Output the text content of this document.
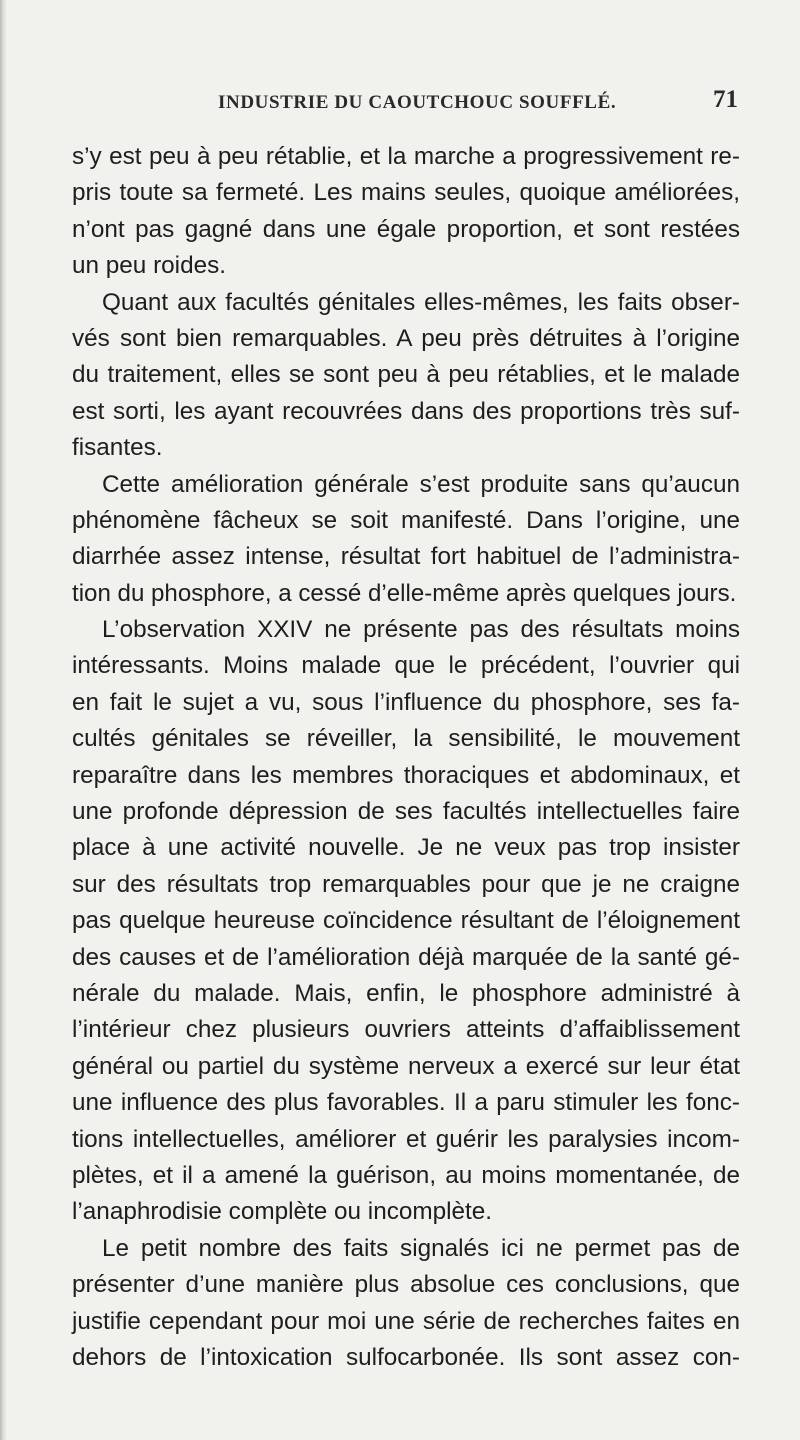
INDUSTRIE DU CAOUTCHOUC SOUFFLÉ.	71
s’y est peu à peu rétablie, et la marche a progressivement re-
pris toute sa fermeté. Les mains seules, quoique améliorées,
n’ont pas gagné dans une égale proportion, et sont restées
un peu roides.
Quant aux facultés génitales elles-mêmes, les faits obser-
vés sont bien remarquables. A peu près détruites à l’origine
du traitement, elles se sont peu à peu rétablies, et le malade
est sorti, les ayant recouvrées dans des proportions très suf-
fisantes.
Cette amélioration générale s’est produite sans qu’aucun
phénomène fâcheux se soit manifesté. Dans l’origine, une
diarrhée assez intense, résultat fort habituel de l’administra-
tion du phosphore, a cessé d’elle-même après quelques jours.
L’observation XXIV ne présente pas des résultats moins
intéressants. Moins malade que le précédent, l’ouvrier qui
en fait le sujet a vu, sous l’influence du phosphore, ses fa-
cultés génitales se réveiller, la sensibilité, le mouvement
reparaître dans les membres thoraciques et abdominaux, et
une profonde dépression de ses facultés intellectuelles faire
place à une activité nouvelle. Je ne veux pas trop insister
sur des résultats trop remarquables pour que je ne craigne
pas quelque heureuse coïncidence résultant de l’éloignement
des causes et de l’amélioration déjà marquée de la santé gé-
nérale du malade. Mais, enfin, le phosphore administré à
l’intérieur chez plusieurs ouvriers atteints d’affaiblissement
général ou partiel du système nerveux a exercé sur leur état
une influence des plus favorables. Il a paru stimuler les fonc-
tions intellectuelles, améliorer et guérir les paralysies incom-
plètes, et il a amené la guérison, au moins momentanée, de
l’anaphrodisie complète ou incomplète.
Le petit nombre des faits signalés ici ne permet pas de
présenter d’une manière plus absolue ces conclusions, que
justifie cependant pour moi une série de recherches faites en
dehors de l’intoxication sulfocarbonée. Ils sont assez con-
